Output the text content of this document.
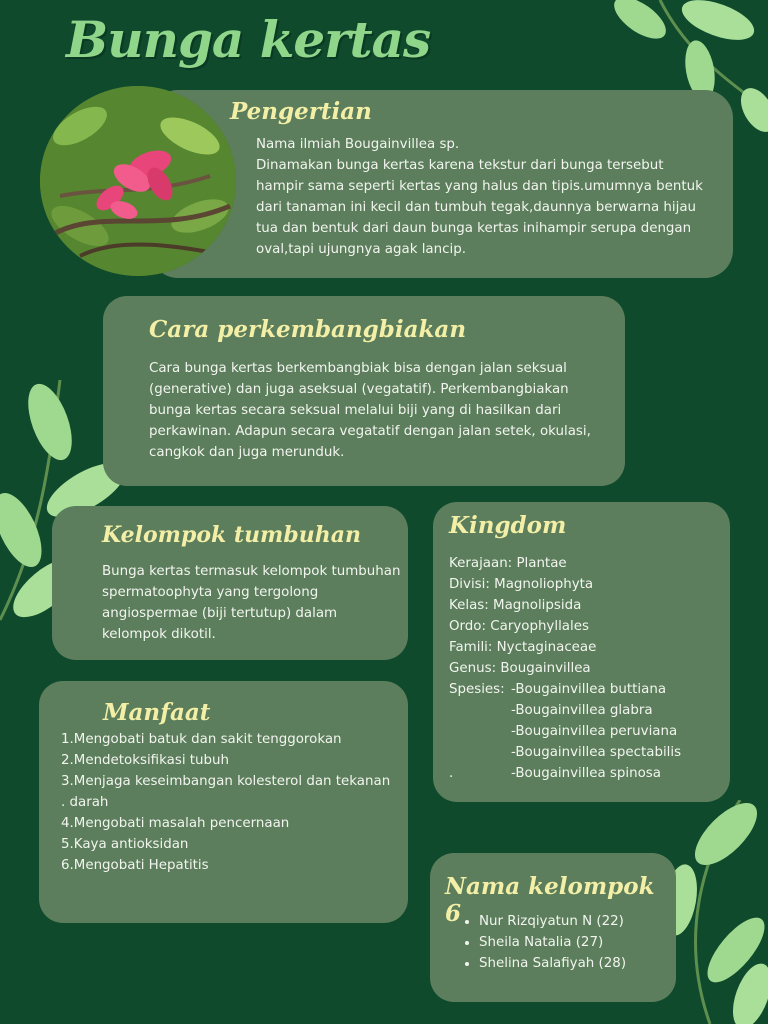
Bunga kertas
Pengertian

Nama ilmiah Bougainvillea sp.

Dinamakan bunga kertas karena tekstur dari bunga tersebut

hampir sama seperti kertas yang halus dan tipis.umumnya bentuk

dari tanaman ini kecil dan tumbuh tegak,daunnya berwarna hijau

tua dan bentuk dari daun bunga kertas inihampir serupa dengan

oval,tapi ujungnya agak lancip.

Cara perkembangbiakan

Cara bunga kertas berkembangbiak bisa dengan jalan seksual

(generative) dan juga aseksual (vegatatif). Perkembangbiakan

bunga kertas secara seksual melalui biji yang di hasilkan dari

perkawinan. Adapun secara vegatatif dengan jalan setek, okulasi,

cangkok dan juga merunduk.

Kelompok tumbuhan

Bunga kertas termasuk kelompok tumbuhan

spermatoophyta yang tergolong

angiospermae (biji tertutup) dalam

kelompok dikotil.

Manfaat

1.Mengobati batuk dan sakit tenggorokan

2.Mendetoksifikasi tubuh

3.Menjaga keseimbangan kolesterol dan tekanan

. darah

4.Mengobati masalah pencernaan

5.Kaya antioksidan

6.Mengobati Hepatitis

Kingdom

Kerajaan: Plantae

Divisi: Magnoliophyta

Kelas: Magnolipsida

Ordo: Caryophyllales

Famili: Nyctaginaceae

Genus: Bougainvillea

Spesies: -Bougainvillea buttiana
-Bougainvillea glabra
-Bougainvillea peruviana
-Bougainvillea spectabilis
.	-Bougainvillea spinosa
Nama kelompok 6
•	Nur Rizqiyatun N (22)
• Sheila Natalia (27)
• Shelina Salafiyah (28)
